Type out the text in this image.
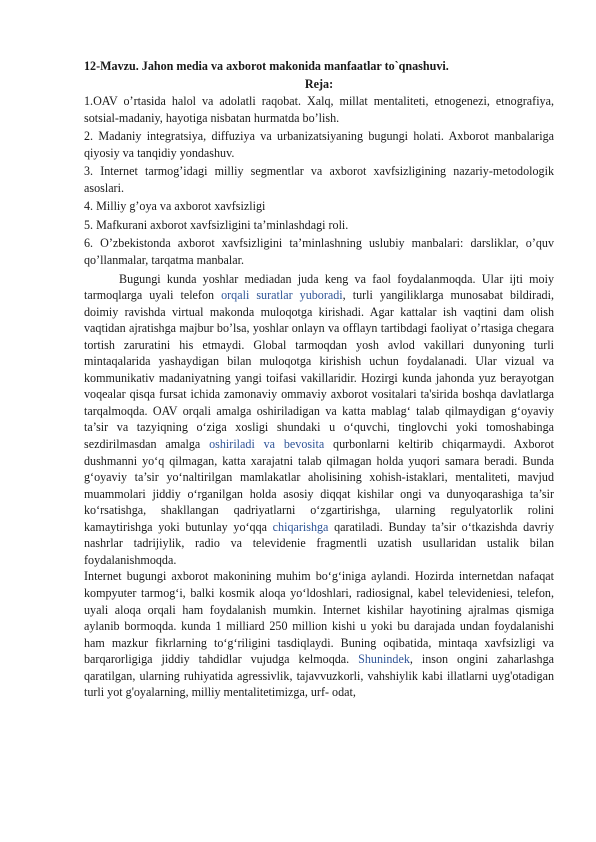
12-Mavzu. Jahon media va axborot makonida manfaatlar to`qnashuvi.

Reja:

1.OAV o’rtasida halol va adolatli raqobat. Xalq, millat mentaliteti, etnogenezi, etnografiya, sotsial-madaniy, hayotiga nisbatan hurmatda bo’lish.

2. Madaniy integratsiya, diffuziya va urbanizatsiyaning bugungi holati. Axborot manbalariga qiyosiy va tanqidiy yondashuv.

3. Internet tarmog’idagi milliy segmentlar va axborot xavfsizligining nazariy-metodologik asoslari.

4. Milliy g’oya va axborot xavfsizligi

5. Mafkurani axborot xavfsizligini ta’minlashdagi roli.

6. O’zbekistonda axborot xavfsizligini ta’minlashning uslubiy manbalari: darsliklar, o’quv qo’llanmalar, tarqatma manbalar.

Bugungi kunda yoshlar mediadan juda keng va faol foydalanmoqda. Ular ijti moiy tarmoqlarga uyali telefon orqali suratlar yuboradi, turli yangiliklarga munosabat bildiradi, doimiy ravishda virtual makonda muloqotga kirishadi. Agar kattalar ish vaqtini dam olish vaqtidan ajratishga majbur bo’lsa, yoshlar onlayn va offlayn tartibdagi faoliyat o’rtasiga chegara tortish zaruratini his etmaydi. Global tarmoqdan yosh avlod vakillari dunyoning turli mintaqalarida yashaydigan bilan muloqotga kirishish uchun foydalanadi. Ular vizual va kommunikativ madaniyatning yangi toifasi vakillaridir. Hozirgi kunda jahonda yuz berayotgan voqealar qisqa fursat ichida zamonaviy ommaviy axborot vositalari ta'sirida boshqa davlatlarga tarqalmoqda. OAV orqali amalga oshiriladigan va katta mablag‘ talab qilmaydigan g‘oyaviy ta’sir va tazyiqning o‘ziga xosligi shundaki u o‘quvchi, tinglovchi yoki tomoshabinga sezdirilmasdan amalga oshiriladi va bevosita qurbonlarni keltirib chiqarmaydi. Axborot dushmanni yo‘q qilmagan, katta xarajatni talab qilmagan holda yuqori samara beradi. Bunda g‘oyaviy ta’sir yo‘naltirilgan mamlakatlar aholisining xohish-istaklari, mentaliteti, mavjud muammolari jiddiy o‘rganilgan holda asosiy diqqat kishilar ongi va dunyoqarashiga ta’sir ko‘rsatishga, shakllangan qadriyatlarni o‘zgartirishga, ularning regulyatorlik rolini kamaytirishga yoki butunlay yo‘qqa chiqarishga qaratiladi. Bunday ta’sir o‘tkazishda davriy nashrlar tadrijiylik, radio va televidenie fragmentli uzatish usullaridan ustalik bilan foydalanishmoqda.

Internet bugungi axborot makonining muhim bo‘g‘iniga aylandi. Hozirda internetdan nafaqat kompyuter tarmog‘i, balki kosmik aloqa yo‘ldoshlari, radiosignal, kabel televideniesi, telefon, uyali aloqa orqali ham foydalanish mumkin. Internet kishilar hayotining ajralmas qismiga aylanib bormoqda. kunda 1 milliard 250 million kishi u yoki bu darajada undan foydalanishi ham mazkur fikrlarning to‘g‘riligini tasdiqlaydi. Buning oqibatida, mintaqa xavfsizligi va barqarorligiga jiddiy tahdidlar vujudga kelmoqda. Shunindek, inson ongini zaharlashga qaratilgan, ularning ruhiyatida agressivlik, tajavvuzkorli, vahshiylik kabi illatlarni uyg'otadigan turli yot g'oyalarning, milliy mentalitetimizga, urf- odat,
